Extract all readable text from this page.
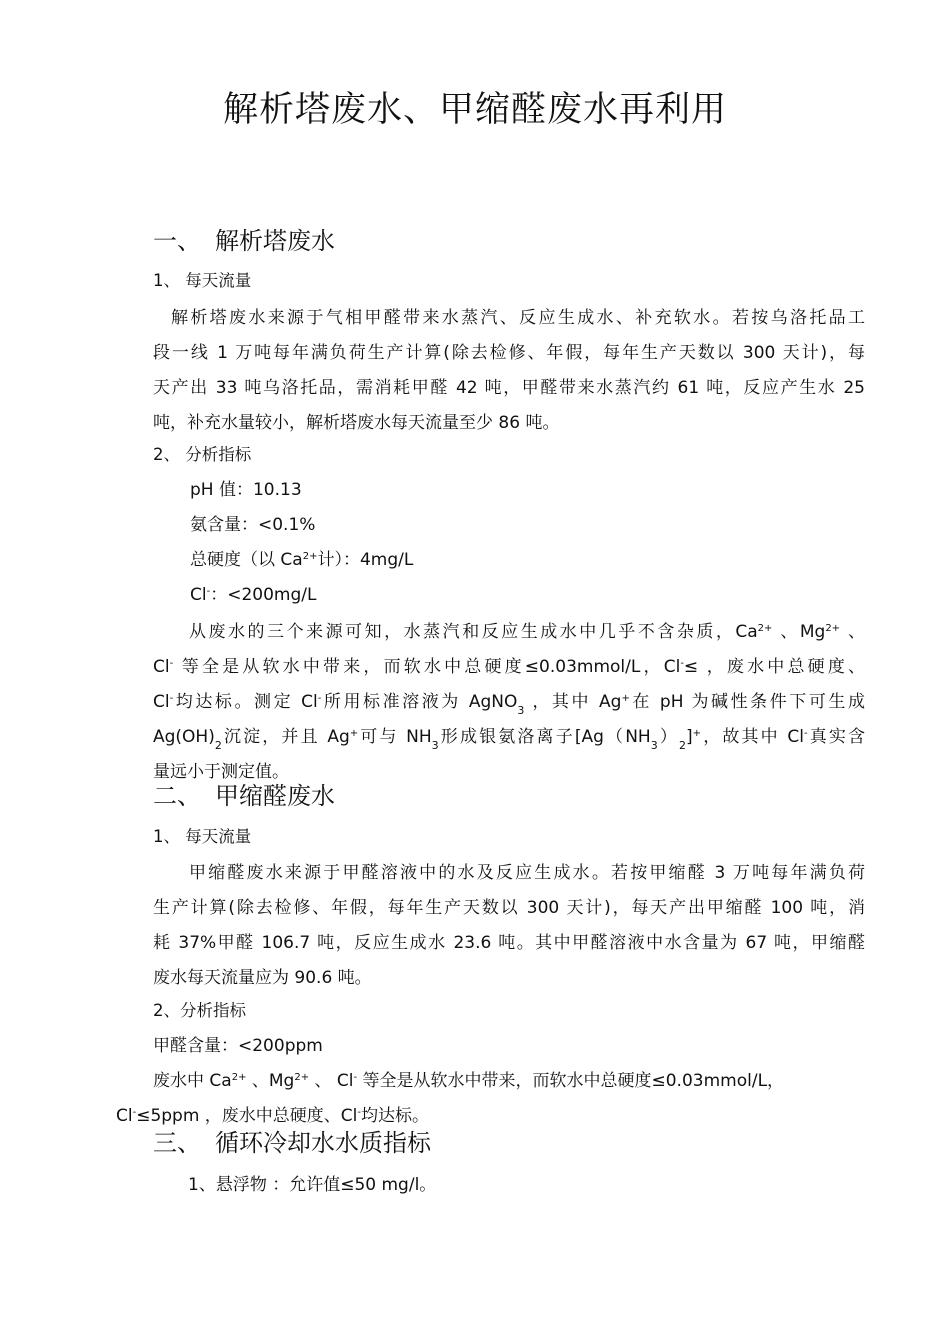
解析塔废水、甲缩醛废水再利用
一、 解析塔废水
1、 每天流量
解析塔废水来源于气相甲醛带来水蒸汽、反应生成水、补充软水。若按乌洛托品工
段一线 1 万吨每年满负荷生产计算(除去检修、年假，每年生产天数以 300 天计)，每
天产出 33 吨乌洛托品，需消耗甲醛 42 吨，甲醛带来水蒸汽约 61 吨，反应产生水 25
吨，补充水量较小，解析塔废水每天流量至少 86 吨。
2、 分析指标
pH 值：10.13
氨含量：<0.1%
总硬度（以 $Ca^{2+}$计）：4mg/L
Cl-：<200mg/L
从废水的三个来源可知，水蒸汽和反应生成水中几乎不含杂质，$Ca^{2+}$ 、$Mg^{2+}$ 、
Cl- 等全是从软水中带来，而软水中总硬度≤0.03mmol/L，Cl-≤ ，废水中总硬度、
Cl-均达标。测定 Cl-所用标准溶液为 AgNO$_3$ ，其中 Ag+在 pH 为碱性条件下可生成
$Ag(OH)_2$沉淀，并且 Ag+可与 $NH_3$形成银氨洛离子$[Ag(NH_3)_2]^+$，故其中 Cl-真实含
量远小于测定值。
二、 甲缩醛废水
1、 每天流量
甲缩醛废水来源于甲醛溶液中的水及反应生成水。若按甲缩醛 3 万吨每年满负荷
生产计算(除去检修、年假，每年生产天数以 300 天计)，每天产出甲缩醛 100 吨，消
耗 37%甲醛 106.7 吨，反应生成水 23.6 吨。其中甲醛溶液中水含量为 67 吨，甲缩醛
废水每天流量应为 90.6 吨。
2、分析指标
甲醛含量：<200ppm
废水中 $Ca^{2+}$ 、$Mg^{2+}$ 、 Cl- 等全是从软水中带来，而软水中总硬度≤0.03mmol/L，
Cl-≤5ppm ，废水中总硬度、Cl-均达标。
三、 循环冷却水水质指标
1、悬浮物 ：允许值≤50 mg/l。
